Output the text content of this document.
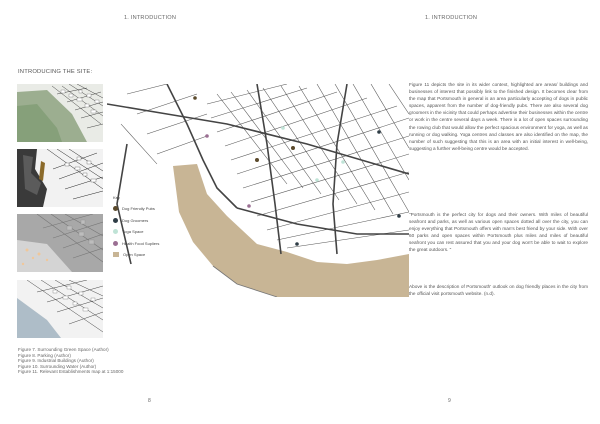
1. INTRODUCTION
INTRODUCING THE SITE:
Figure 7. Surrounding Green Space (Author)
Figure 8. Parking (Author)
Figure 9. Industrial Buildings (Author)
Figure 10. Surrounding Water (Author)
Figure 11. Relevant Establishments map at 1:15000
8
Key
Dog Friendly Pubs
Dog Groomers
Yoga Space
Health Food Supliers
Open Space
1. INTRODUCTION
9
Figure 11 depicts the site in its wider context, highlighted are areas/ buildings and businesses of interest that possibly link to the finished design. It becomes clear from the map that Portsmouth in general is an area particularly accepting of dogs in public spaces, apparent from the number of dog-friendly pubs. There are also several dog groomers in the vicinity that could perhaps advertise their businesses within the centre or work in the centre several days a week. There is a lot of open spaces surrounding the rowing club that would allow the perfect spacious environment for yoga, as well as running or dog walking. Yoga centres and classes are also identified on the map, the number of such suggesting that this is an area with an initial interest in well-being, suggesting a further well-being centre would be accepted.
"Portsmouth is the perfect city for dogs and their owners. With miles of beautiful seafront and parks, as well as various open spaces dotted all over the city, you can enjoy everything that Portsmouth offers with man's best friend by your side. With over 60 parks and open spaces within Portsmouth plus miles and miles of beautiful seafront you can rest assured that you and your dog won't be able to wait to explore the great outdoors. "
Above is the description of Portsmouth' outlook on dog friendly places in the city from the official visit portsmouth website. (n.d).
